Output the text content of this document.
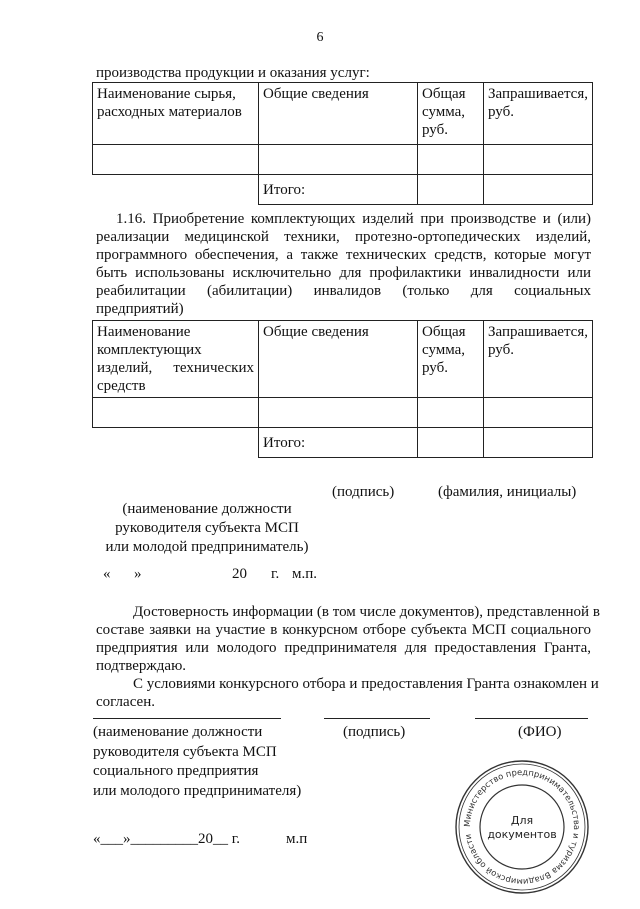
6
производства продукции и оказания услуг:
Наименование сырья, расходных материалов	Общие сведения	Общая сумма, руб.	Запрашивается, руб.

	Итого:		
1.16. Приобретение комплектующих изделий при производстве и (или)
реализации медицинской техники, протезно-ортопедических изделий,
программного обеспечения, а также технических средств, которые могут
быть использованы исключительно для профилактики инвалидности или
реабилитации (абилитации) инвалидов (только для социальных
предприятий)
Наименование комплектующих изделий, технических средств	Общие сведения	Общая сумма, руб.	Запрашивается, руб.

	Итого:		
(подпись)	(фамилия, инициалы)
(наименование должности
руководителя субъекта МСП
или молодой предприниматель)
« »	20 г. м.п.
Достоверность информации (в том числе документов), представленной в
составе заявки на участие в конкурсном отборе субъекта МСП социального
предприятия или молодого предпринимателя для предоставления Гранта,
подтверждаю.
С условиями конкурсного отбора и предоставления Гранта ознакомлен и
согласен.
(наименование должности
руководителя субъекта МСП
социального предприятия
или молодого предпринимателя)
(подпись)	(ФИО)
«___»_________20__ г.	м.п
Министерство предпринимательства и туризма Владимирской области
Для
документов
